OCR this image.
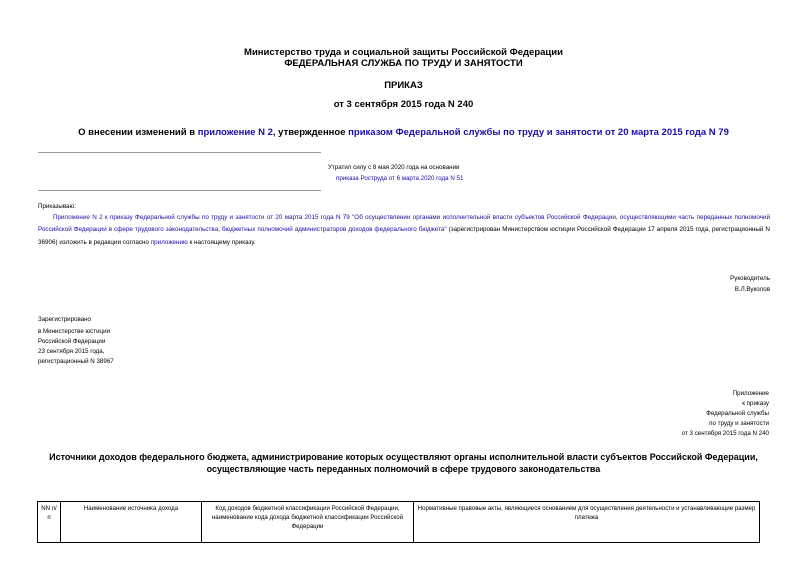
Министерство труда и социальной защиты Российской Федерации
ФЕДЕРАЛЬНАЯ СЛУЖБА ПО ТРУДУ И ЗАНЯТОСТИ
ПРИКАЗ
от 3 сентября 2015 года N 240
О внесении изменений в приложение N 2, утвержденное приказом Федеральной службы по труду и занятости от 20 марта 2015 года N 79
Утратил силу с 8 мая 2020 года на основании
приказа Роструда от 6 марта 2020 года N 51
Приказываю:
Приложение N 2 к приказу Федеральной службы по труду и занятости от 20 марта 2015 года N 79 "Об осуществлении органами исполнительной власти субъектов Российской Федерации, осуществляющими часть переданных полномочий Российской Федерации в сфере трудового законодательства, бюджетных полномочий администраторов доходов федерального бюджета" (зарегистрирован Министерством юстиции Российской Федерации 17 апреля 2015 года, регистрационный N 36906) изложить в редакции согласно приложению к настоящему приказу.
Руководитель
В.Л.Вуколов
Зарегистрировано
в Министерстве юстиции
Российской Федерации
23 сентября 2015 года,
регистрационный N 38967
Приложение
к приказу
Федеральной службы
по труду и занятости
от 3 сентября 2015 года N 240
Источники доходов федерального бюджета, администрирование которых осуществляют органы исполнительной власти субъектов Российской Федерации,
осуществляющие часть переданных полномочий в сфере трудового законодательства
NN п/п	Наименование источника дохода	Код доходов бюджетной классификации Российской Федерации, наименование кода дохода бюджетной классификации Российской Федерации	Нормативные правовые акты, являющиеся основанием для осуществления деятельности и устанавливающие размер платежа
